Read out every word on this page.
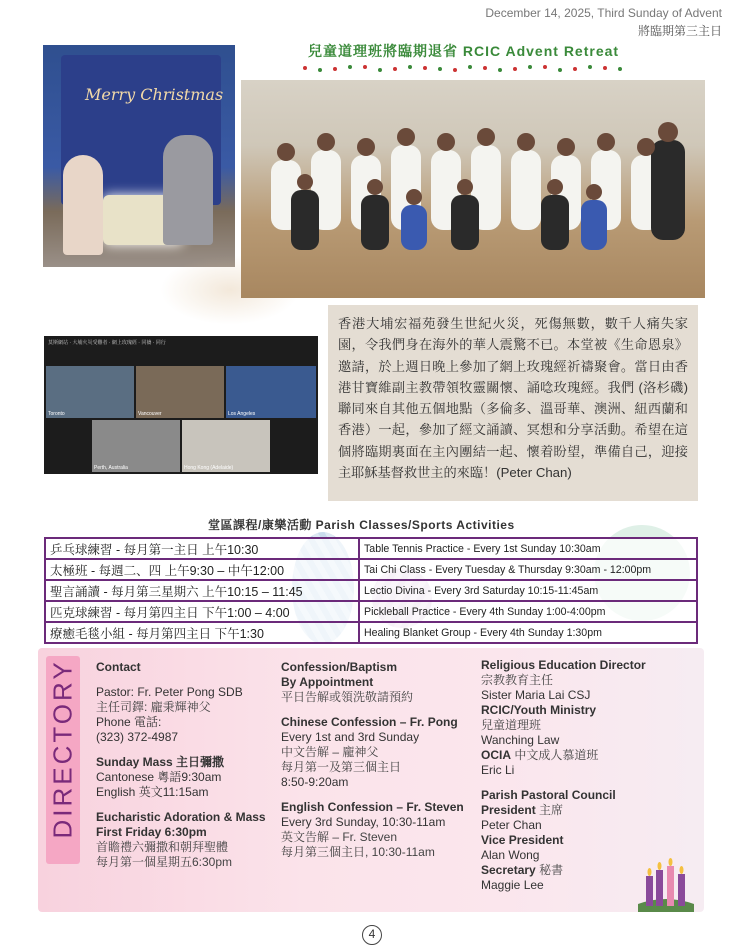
December 14, 2025, Third Sunday of Advent
將臨期第三主日
兒童道理班將臨期退省 RCIC Advent Retreat
Merry Christmas
莫斯網站 · 大埔火災受難者 · 網上玫瑰經 · 同禱 · 同行
Toronto	Vancouver	Los Angeles
Perth, Australia	Hong Kong (Adelaide)
香港大埔宏福苑發生世紀火災，死傷無數，數千人痛失家園，令我們身在海外的華人震驚不已。本堂被《生命恩泉》邀請，於上週日晚上參加了網上玫瑰經祈禱聚會。當日由香港甘寶維副主教帶領牧靈關懷、誦唸玫瑰經。我們 (洛杉磯) 聯同來自其他五個地點（多倫多、溫哥華、澳洲、紐西蘭和香港）一起，參加了經文誦讀、冥想和分享活動。希望在這個將臨期裏面在主內團結一起、懷着盼望，準備自己，迎接主耶穌基督救世主的來臨！(Peter Chan)
堂區課程/康樂活動 Parish Classes/Sports Activities
乒乓球練習 - 每月第一主日 上午10:30	Table Tennis Practice - Every 1st Sunday 10:30am
太極班 - 每週二、四 上午9:30 – 中午12:00	Tai Chi Class - Every Tuesday & Thursday 9:30am - 12:00pm
聖言誦讀 - 每月第三星期六 上午10:15 – 11:45	Lectio Divina - Every 3rd Saturday 10:15-11:45am
匹克球練習 - 每月第四主日 下午1:00 – 4:00	Pickleball Practice - Every 4th Sunday 1:00-4:00pm
療癒毛毯小組 - 每月第四主日 下午1:30	Healing Blanket Group - Every 4th Sunday 1:30pm
DIRECTORY Contact
Pastor: Fr. Peter Pong SDB
主任司鐸: 龐秉輝神父
Phone 電話:
(323) 372-4987
Sunday Mass 主日彌撒
Cantonese 粵語9:30am
English 英文11:15am
Eucharistic Adoration & Mass
First Friday 6:30pm
首瞻禮六彌撒和朝拜聖體
每月第一個星期五6:30pm
Confession/Baptism
By Appointment
平日告解或領洗敬請預約
Chinese Confession – Fr. Pong
Every 1st and 3rd Sunday
中文告解 – 龐神父
每月第一及第三個主日
8:50-9:20am
English Confession – Fr. Steven
Every 3rd Sunday, 10:30-11am
英文告解 – Fr. Steven
每月第三個主日, 10:30-11am
Religious Education Director
宗教教育主任
Sister Maria Lai CSJ
RCIC/Youth Ministry
兒童道理班
Wanching Law
OCIA 中文成人慕道班
Eric Li
Parish Pastoral Council
President 主席
Peter Chan
Vice President
Alan Wong
Secretary 秘書
Maggie Lee
4
